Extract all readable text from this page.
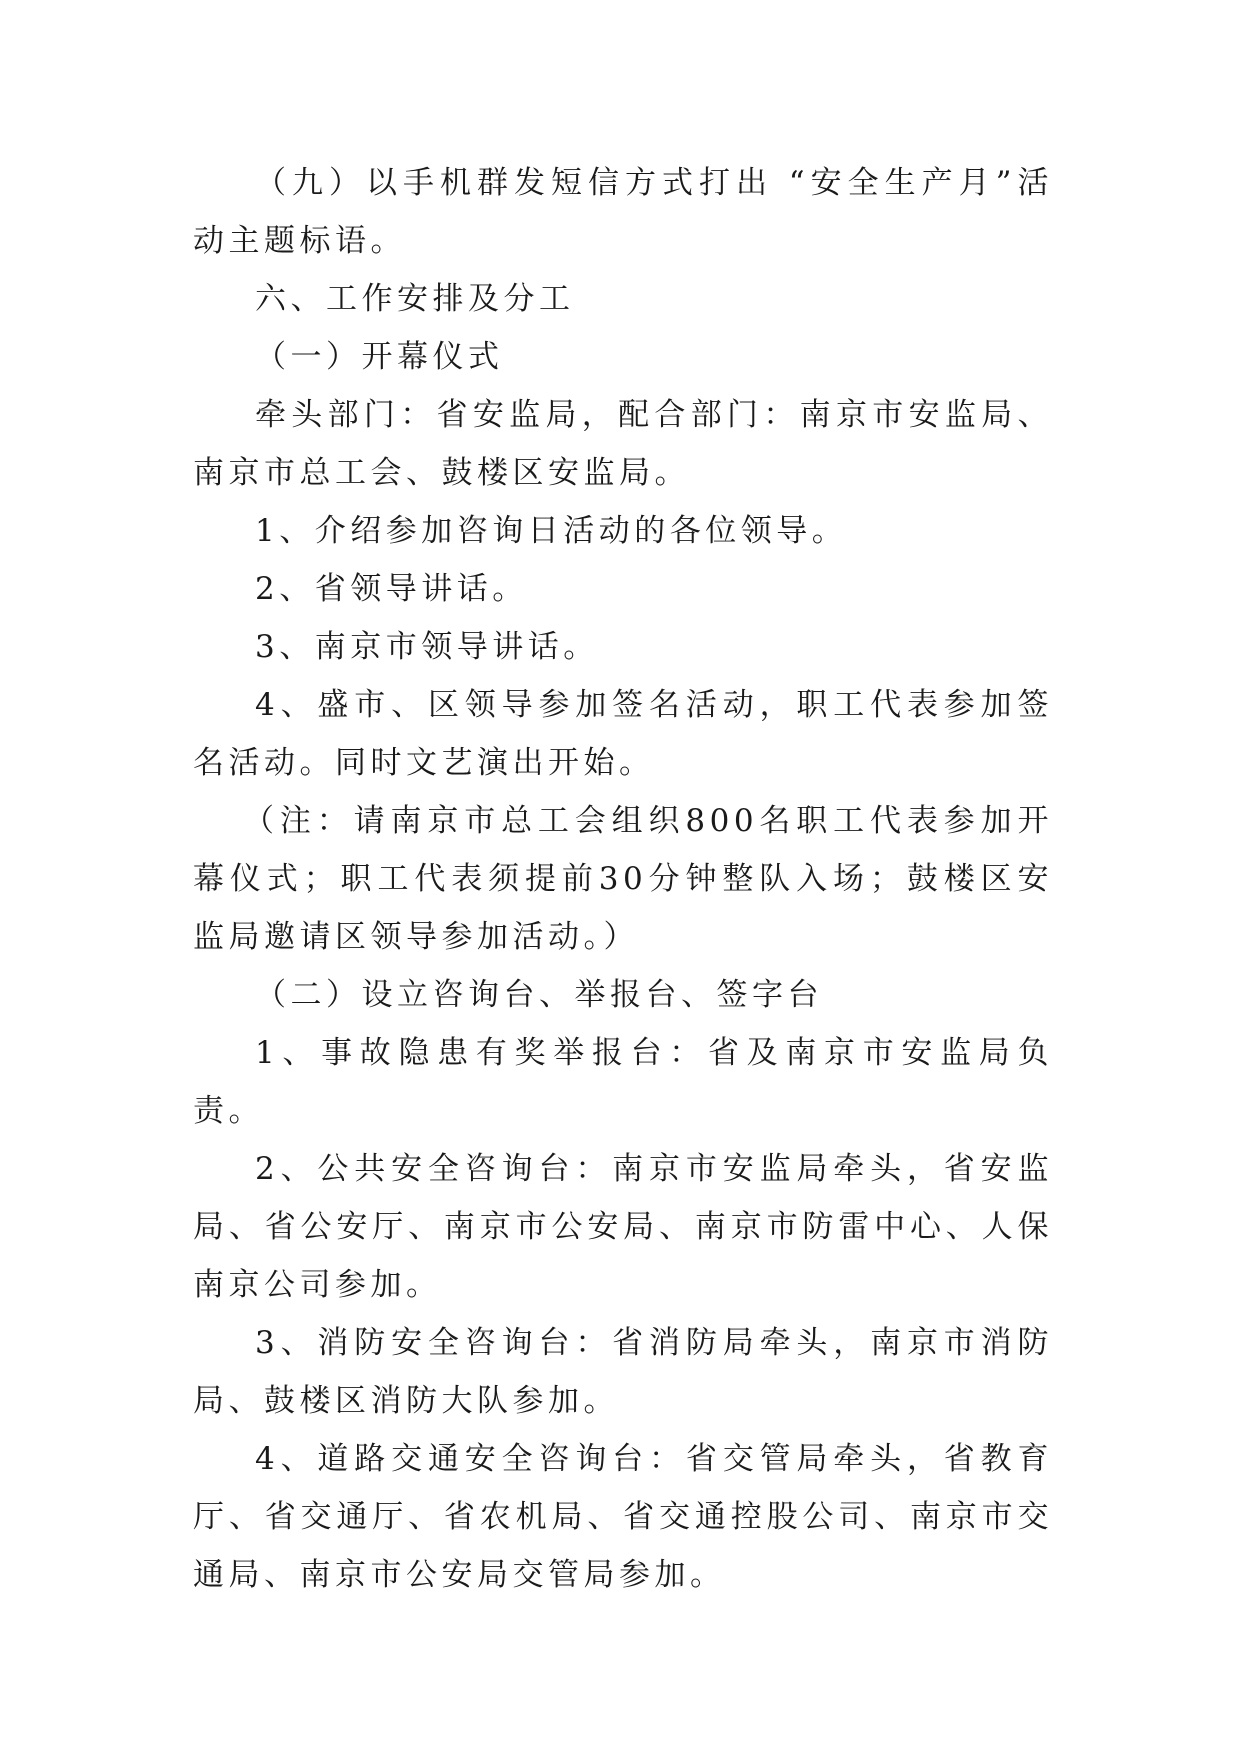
（九）以手机群发短信方式打出 “安全生产月”活动主题标语。

六、工作安排及分工

（一）开幕仪式

牵头部门：省安监局，配合部门：南京市安监局、南京市总工会、鼓楼区安监局。

1、介绍参加咨询日活动的各位领导。

2、省领导讲话。

3、南京市领导讲话。

4、盛市、区领导参加签名活动，职工代表参加签名活动。同时文艺演出开始。

（注：请南京市总工会组织800名职工代表参加开幕仪式；职工代表须提前30分钟整队入场；鼓楼区安监局邀请区领导参加活动。）

（二）设立咨询台、举报台、签字台

1、事故隐患有奖举报台：省及南京市安监局负责。

2、公共安全咨询台：南京市安监局牵头，省安监局、省公安厅、南京市公安局、南京市防雷中心、人保南京公司参加。

3、消防安全咨询台：省消防局牵头，南京市消防局、鼓楼区消防大队参加。

4、道路交通安全咨询台：省交管局牵头，省教育厅、省交通厅、省农机局、省交通控股公司、南京市交通局、南京市公安局交管局参加。
